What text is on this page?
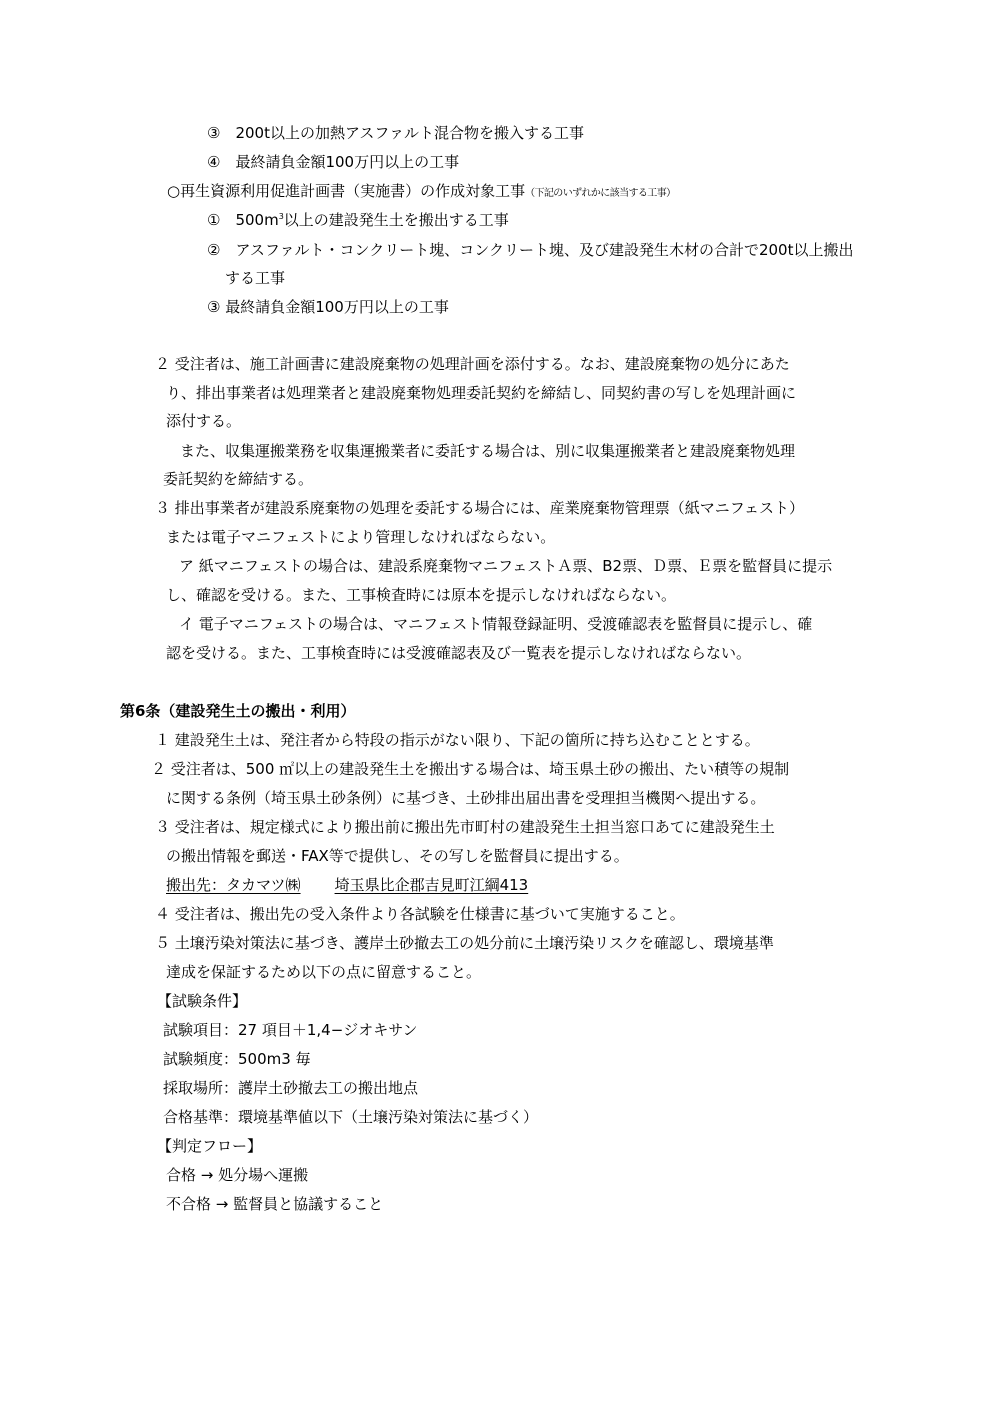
③　200t以上の加熱アスファルト混合物を搬入する工事
④　最終請負金額100万円以上の工事
○再生資源利用促進計画書（実施書）の作成対象工事（下記のいずれかに該当する工事）
①　$500m^3$以上の建設発生土を搬出する工事
②　アスファルト・コンクリート塊、コンクリート塊、及び建設発生木材の合計で200t以上搬出
する工事
③ 最終請負金額100万円以上の工事
２ 受注者は、施工計画書に建設廃棄物の処理計画を添付する。なお、建設廃棄物の処分にあた
り、排出事業者は処理業者と建設廃棄物処理委託契約を締結し、同契約書の写しを処理計画に
添付する。
また、収集運搬業務を収集運搬業者に委託する場合は、別に収集運搬業者と建設廃棄物処理
委託契約を締結する。
３ 排出事業者が建設系廃棄物の処理を委託する場合には、産業廃棄物管理票（紙マニフェスト）
または電子マニフェストにより管理しなければならない。
ア 紙マニフェストの場合は、建設系廃棄物マニフェストＡ票、B2票、Ｄ票、Ｅ票を監督員に提示
し、確認を受ける。また、工事検査時には原本を提示しなければならない。
イ 電子マニフェストの場合は、マニフェスト情報登録証明、受渡確認表を監督員に提示し、確
認を受ける。また、工事検査時には受渡確認表及び一覧表を提示しなければならない。
第6条（建設発生土の搬出・利用）
１ 建設発生土は、発注者から特段の指示がない限り、下記の箇所に持ち込むこととする。
２ 受注者は、500 ㎡以上の建設発生土を搬出する場合は、埼玉県土砂の搬出、たい積等の規制
に関する条例（埼玉県土砂条例）に基づき、土砂排出届出書を受理担当機関へ提出する。
３ 受注者は、規定様式により搬出前に搬出先市町村の建設発生土担当窓口あてに建設発生土
の搬出情報を郵送・FAX等で提供し、その写しを監督員に提出する。
搬出先：タカマツ㈱ 埼玉県比企郡吉見町江綱413
４ 受注者は、搬出先の受入条件より各試験を仕様書に基づいて実施すること。
５ 土壌汚染対策法に基づき、護岸土砂撤去工の処分前に土壌汚染リスクを確認し、環境基準
達成を保証するため以下の点に留意すること。
【試験条件】
試験項目：27 項目＋1,4−ジオキサン
試験頻度：500m3 毎
採取場所：護岸土砂撤去工の搬出地点
合格基準：環境基準値以下（土壌汚染対策法に基づく）
【判定フロー】
合格 → 処分場へ運搬
不合格 → 監督員と協議すること
